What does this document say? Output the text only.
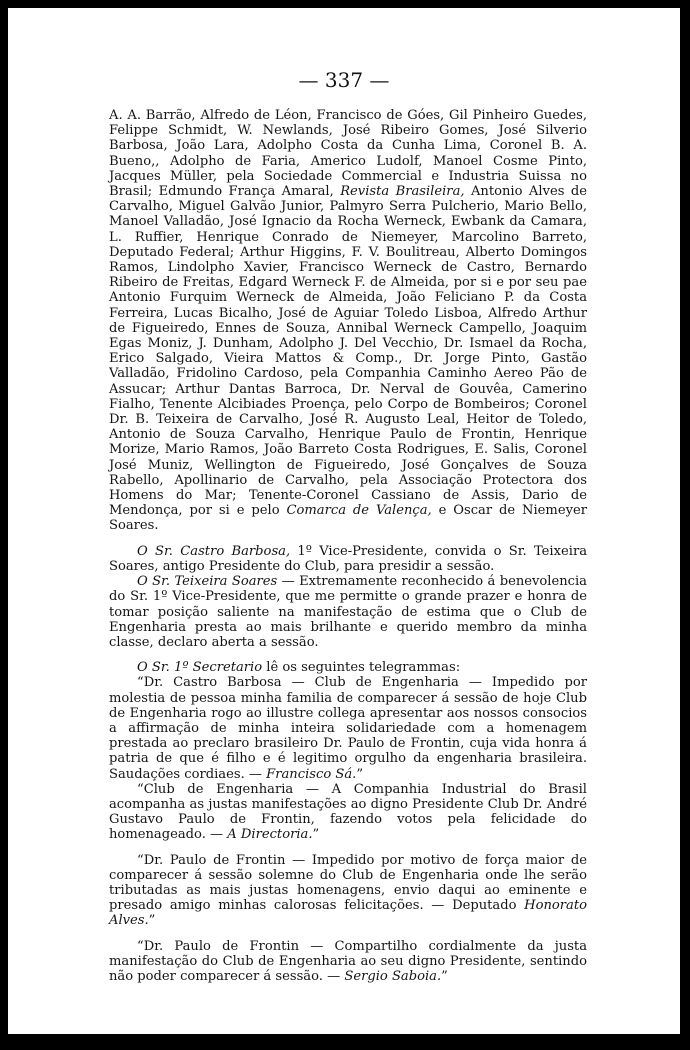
— 337 —

A. A. Barrão, Alfredo de Léon, Francisco de Góes, Gil Pinheiro Guedes, Felippe Schmidt, W. Newlands, José Ribeiro Gomes, José Silverio Barbosa, João Lara, Adolpho Costa da Cunha Lima, Coronel B. A. Bueno,, Adolpho de Faria, Americo Ludolf, Manoel Cosme Pinto, Jacques Müller, pela Sociedade Commercial e Industria Suissa no Brasil; Edmundo França Amaral, Revista Brasileira, Antonio Alves de Carvalho, Miguel Galvão Junior, Palmyro Serra Pulcherio, Mario Bello, Manoel Valladão, José Ignacio da Rocha Werneck, Ewbank da Camara, L. Ruffier, Henrique Conrado de Niemeyer, Marcolino Barreto, Deputado Federal; Arthur Higgins, F. V. Boulitreau, Alberto Domingos Ramos, Lindolpho Xavier, Francisco Werneck de Castro, Bernardo Ribeiro de Freitas, Edgard Werneck F. de Almeida, por si e por seu pae Antonio Furquim Werneck de Almeida, João Feliciano P. da Costa Ferreira, Lucas Bicalho, José de Aguiar Toledo Lisboa, Alfredo Arthur de Figueiredo, Ennes de Souza, Annibal Werneck Campello, Joaquim Egas Moniz, J. Dunham, Adolpho J. Del Vecchio, Dr. Ismael da Rocha, Erico Salgado, Vieira Mattos & Comp., Dr. Jorge Pinto, Gastão Valladão, Fridolino Cardoso, pela Companhia Caminho Aereo Pão de Assucar; Arthur Dantas Barroca, Dr. Nerval de Gouvêa, Camerino Fialho, Tenente Alcibiades Proença, pelo Corpo de Bombeiros; Coronel Dr. B. Teixeira de Carvalho, José R. Augusto Leal, Heitor de Toledo, Antonio de Souza Carvalho, Henrique Paulo de Frontin, Henrique Morize, Mario Ramos, João Barreto Costa Rodrigues, E. Salis, Coronel José Muniz, Wellington de Figueiredo, José Gonçalves de Souza Rabello, Apollinario de Carvalho, pela Associação Protectora dos Homens do Mar; Tenente-Coronel Cassiano de Assis, Dario de Mendonça, por si e pelo Comarca de Valença, e Oscar de Niemeyer Soares.

O Sr. Castro Barbosa, 1º Vice-Presidente, convida o Sr. Teixeira Soares, antigo Presidente do Club, para presidir a sessão.

O Sr. Teixeira Soares — Extremamente reconhecido á benevolencia do Sr. 1º Vice-Presidente, que me permitte o grande prazer e honra de tomar posição saliente na manifestação de estima que o Club de Engenharia presta ao mais brilhante e querido membro da minha classe, declaro aberta a sessão.

O Sr. 1º Secretario lê os seguintes telegrammas:

“Dr. Castro Barbosa — Club de Engenharia — Impedido por molestia de pessoa minha familia de comparecer á sessão de hoje Club de Engenharia rogo ao illustre collega apresentar aos nossos consocios a affirmação de minha inteira solidariedade com a homenagem prestada ao preclaro brasileiro Dr. Paulo de Frontin, cuja vida honra á patria de que é filho e é legitimo orgulho da engenharia brasileira. Saudações cordiaes. — Francisco Sá.”

“Club de Engenharia — A Companhia Industrial do Brasil acompanha as justas manifestações ao digno Presidente Club Dr. André Gustavo Paulo de Frontin, fazendo votos pela felicidade do homenageado. — A Directoria.”

“Dr. Paulo de Frontin — Impedido por motivo de força maior de comparecer á sessão solemne do Club de Engenharia onde lhe serão tributadas as mais justas homenagens, envio daqui ao eminente e presado amigo minhas calorosas felicitações. — Deputado Honorato Alves.”

“Dr. Paulo de Frontin — Compartilho cordialmente da justa manifestação do Club de Engenharia ao seu digno Presidente, sentindo não poder comparecer á sessão. — Sergio Saboia.”
